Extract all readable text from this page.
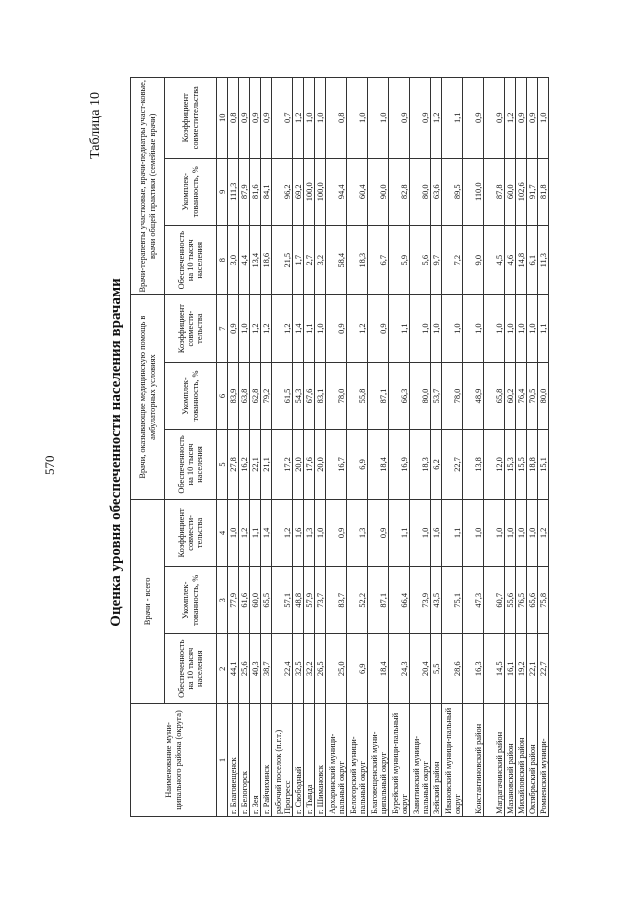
570
Таблица 10
Оценка уровня обеспеченности населения врачами
Наименование муни-ципального района (округа)	Врачи - всего			Врачи, оказывающие медицинскую помощь в амбулаторных условиях			Врачи-терапевты участковые, врачи-педиатры участ-ковые, врачи общей практики (семейные врачи)		
	Обеспеченность на 10 тысяч населения	Укомплек-тованность, %	Коэффициент совмести-тельства	Обеспеченность на 10 тысяч населения	Укомплек-тованность, %	Коэффициент совмести-тельства	Обеспеченность на 10 тысяч населения	Укомплек-тованность, %	Коэффициент совместительства
1	2	3	4	5	6	7	8	9	10
г. Благовещенск	44,1	77,9	1,0	27,8	83,9	0,9	3,0	111,3	0,8
г. Белогорск	25,6	61,6	1,2	16,2	63,8	1,0	4,4	87,9	0,9
г. Зея	40,3	60,0	1,1	22,1	62,8	1,2	13,4	81,6	0,9
г. Райчихинск	38,7	65,5	1,4	21,1	79,2	1,2	18,6	84,1	0,9
рабочий поселок (п.г.т.) Прогресс	22,4	57,1	1,2	17,2	61,5	1,2	21,5	96,2	0,7
г. Свободный	32,5	48,8	1,6	20,0	54,3	1,4	1,7	69,2	1,2
г. Тында	32,2	57,9	1,3	17,6	67,6	1,1	2,7	100,0	1,0
г. Шимановск	26,5	73,7	1,0	20,0	83,1	1,0	3,2	100,0	1,0
Архаринский муници-пальный округ	25,0	83,7	0,9	16,7	78,0	0,9	58,4	94,4	0,8
Белогорский муници-пальный округ	6,9	52,2	1,3	6,9	55,8	1,2	18,3	60,4	1,0
Благовещенский муни-ципальный округ	18,4	87,1	0,9	18,4	87,1	0,9	6,7	90,0	1,0
Бурейский муници-пальный округ	24,3	66,4	1,1	16,9	66,3	1,1	5,9	82,8	0,9
Завитинский муници-пальный округ	20,4	73,9	1,0	18,3	80,0	1,0	5,6	80,0	0,9
Зейский район	5,5	43,5	1,6	6,2	53,7	1,0	9,7	63,6	1,2
Ивановский муници-пальный округ	28,6	75,1	1,1	22,7	78,0	1,0	7,2	89,5	1,1
Константиновский район	16,3	47,3	1,0	13,8	48,9	1,0	9,0	110,0	0,9
Магдагачинский район	14,5	60,7	1,0	12,0	65,8	1,0	4,5	87,8	0,9
Мазановский район	16,1	55,6	1,0	15,3	60,2	1,0	4,6	60,0	1,2
Михайловский район	19,2	76,5	1,0	15,5	76,4	1,0	14,8	102,6	0,9
Октябрьский район	22,1	65,6	1,0	18,8	70,5	1,0	6,1	91,7	0,9
Ромненский муници-	22,7	75,8	1,2	15,1	80,0	1,1	11,3	81,8	1,0
